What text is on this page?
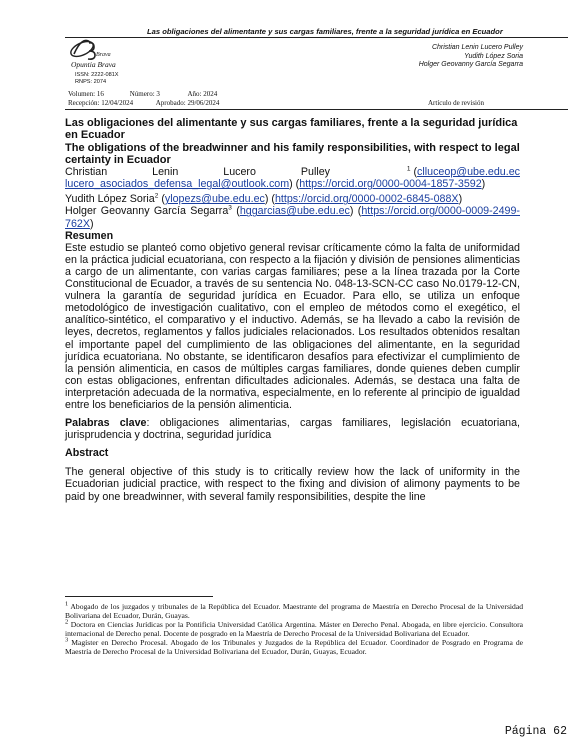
Las obligaciones del alimentante y sus cargas familiares, frente a la seguridad jurídica en Ecuador
Brava
Opuntia Brava
ISSN: 2222-081X
RNPS: 2074
Christian Lenin Lucero Pulley
Yudith López Soria
Holger Geovanny García Segarra
Volumen: 16	Número: 3	Año: 2024
Recepción: 12/04/2024	Aprobado: 29/06/2024	Artículo de revisión

Las obligaciones del alimentante y sus cargas familiares, frente a la seguridad jurídica en Ecuador

The obligations of the breadwinner and his family responsibilities, with respect to legal certainty in Ecuador

Christian Lenin Lucero Pulley	$^1$ (clluceop@ube.edu.ec
lucero_asociados_defensa_legal@outlook.com) (https://orcid.org/0000-0004-1857-3592)

Yudith López Soria$^2$ (ylopezs@ube.edu.ec) (https://orcid.org/0000-0002-6845-088X)

Holger Geovanny García Segarra$^3$ (hggarcias@ube.edu.ec) (https://orcid.org/0000-0009-2499-762X)

Resumen

Este estudio se planteó como objetivo general revisar críticamente cómo la falta de uniformidad en la práctica judicial ecuatoriana, con respecto a la fijación y división de pensiones alimenticias a cargo de un alimentante, con varias cargas familiares; pese a la línea trazada por la Corte Constitucional de Ecuador, a través de su sentencia No. 048-13-SCN-CC caso No.0179-12-CN, vulnera la garantía de seguridad jurídica en Ecuador. Para ello, se utiliza un enfoque metodológico de investigación cualitativo, con el empleo de métodos como el exegético, el analítico-sintético, el comparativo y el inductivo. Además, se ha llevado a cabo la revisión de leyes, decretos, reglamentos y fallos judiciales relacionados. Los resultados obtenidos resaltan el importante papel del cumplimiento de las obligaciones del alimentante, en la seguridad jurídica ecuatoriana. No obstante, se identificaron desafíos para efectivizar el cumplimiento de la pensión alimenticia, en casos de múltiples cargas familiares, donde quienes deben cumplir con estas obligaciones, enfrentan dificultades adicionales. Además, se destaca una falta de interpretación adecuada de la normativa, especialmente, en lo referente al principio de igualdad entre los beneficiarios de la pensión alimenticia.

Palabras clave: obligaciones alimentarias, cargas familiares, legislación ecuatoriana, jurisprudencia y doctrina, seguridad jurídica

Abstract

The general objective of this study is to critically review how the lack of uniformity in the Ecuadorian judicial practice, with respect to the fixing and division of alimony payments to be paid by one breadwinner, with several family responsibilities, despite the line

$^1$ Abogado de los juzgados y tribunales de la República del Ecuador. Maestrante del programa de Maestría en Derecho Procesal de la Universidad Bolivariana del Ecuador, Durán, Guayas.

$^2$ Doctora en Ciencias Jurídicas por la Pontificia Universidad Católica Argentina. Máster en Derecho Penal. Abogada, en libre ejercicio. Consultora internacional de Derecho penal. Docente de posgrado en la Maestría de Derecho Procesal de la Universidad Bolivariana del Ecuador.

$^3$ Magíster en Derecho Procesal. Abogado de los Tribunales y Juzgados de la República del Ecuador. Coordinador de Posgrado en Programa de Maestría de Derecho Procesal de la Universidad Bolivariana del Ecuador, Durán, Guayas, Ecuador.

Página 62
